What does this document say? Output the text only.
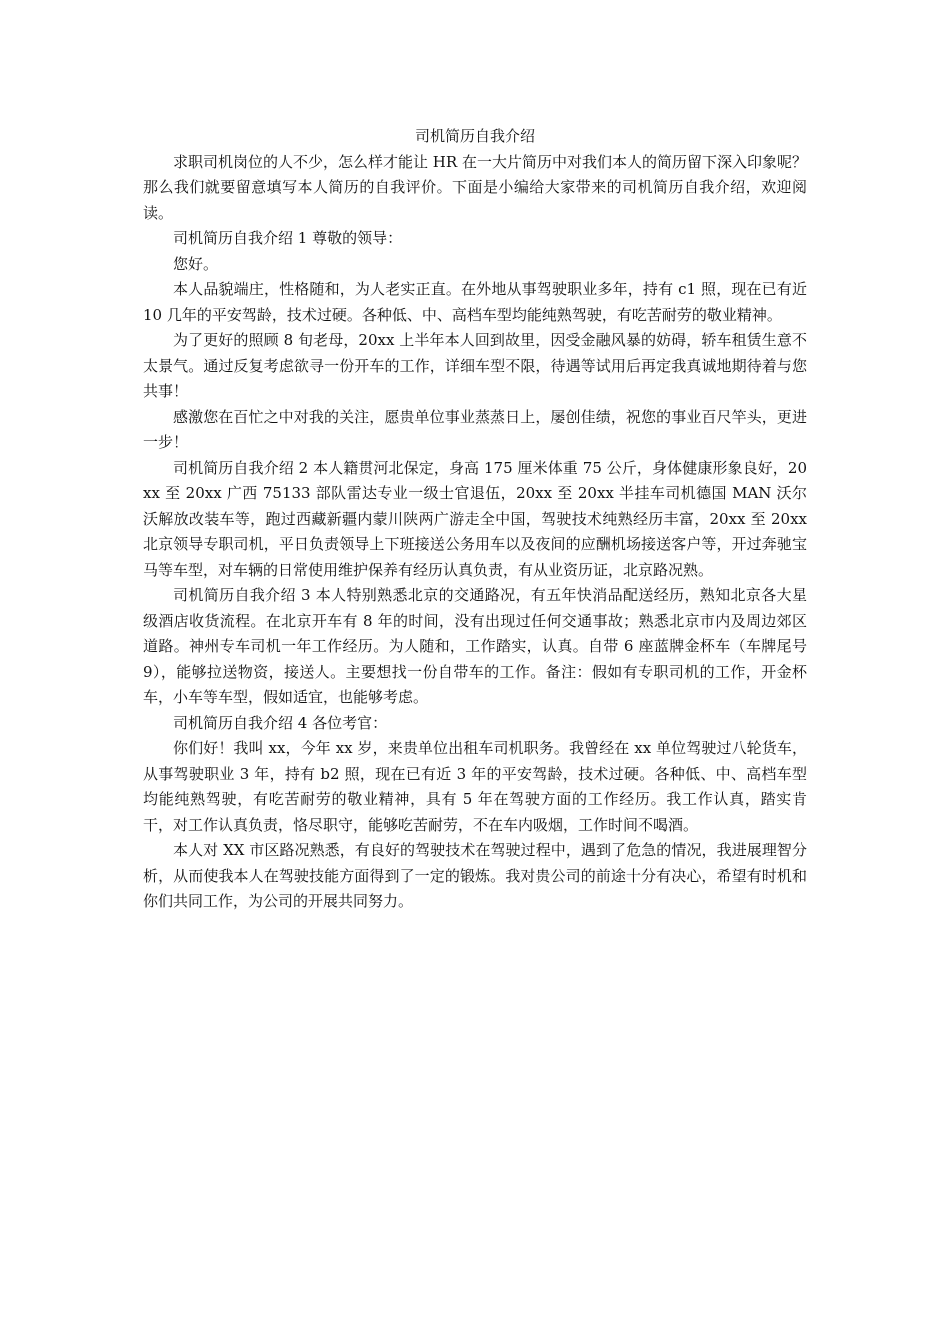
司机简历自我介绍

求职司机岗位的人不少，怎么样才能让 HR 在一大片简历中对我们本人的简历留下深入印象呢？那么我们就要留意填写本人简历的自我评价。下面是小编给大家带来的司机简历自我介绍，欢迎阅读。

司机简历自我介绍 1 尊敬的领导：

您好。

本人品貌端庄，性格随和，为人老实正直。在外地从事驾驶职业多年，持有 c1 照，现在已有近 10 几年的平安驾龄，技术过硬。各种低、中、高档车型均能纯熟驾驶，有吃苦耐劳的敬业精神。

为了更好的照顾 8 旬老母，20xx 上半年本人回到故里，因受金融风暴的妨碍，轿车租赁生意不太景气。通过反复考虑欲寻一份开车的工作，详细车型不限，待遇等试用后再定我真诚地期待着与您共事！

感激您在百忙之中对我的关注，愿贵单位事业蒸蒸日上，屡创佳绩，祝您的事业百尺竿头，更进一步！

司机简历自我介绍 2 本人籍贯河北保定，身高 175 厘米体重 75 公斤，身体健康形象良好，20xx 至 20xx 广西 75133 部队雷达专业一级士官退伍，20xx 至 20xx 半挂车司机德国 MAN 沃尔沃解放改装车等，跑过西藏新疆内蒙川陕两广游走全中国，驾驶技术纯熟经历丰富，20xx 至 20xx 北京领导专职司机，平日负责领导上下班接送公务用车以及夜间的应酬机场接送客户等，开过奔驰宝马等车型，对车辆的日常使用维护保养有经历认真负责，有从业资历证，北京路况熟。

司机简历自我介绍 3 本人特别熟悉北京的交通路况，有五年快消品配送经历，熟知北京各大星级酒店收货流程。在北京开车有 8 年的时间，没有出现过任何交通事故；熟悉北京市内及周边郊区道路。神州专车司机一年工作经历。为人随和，工作踏实，认真。自带 6 座蓝牌金杯车（车牌尾号 9），能够拉送物资，接送人。主要想找一份自带车的工作。备注：假如有专职司机的工作，开金杯车，小车等车型，假如适宜，也能够考虑。

司机简历自我介绍 4 各位考官：

你们好！我叫 xx，今年 xx 岁，来贵单位出租车司机职务。我曾经在 xx 单位驾驶过八轮货车，从事驾驶职业 3 年，持有 b2 照，现在已有近 3 年的平安驾龄，技术过硬。各种低、中、高档车型均能纯熟驾驶，有吃苦耐劳的敬业精神，具有 5 年在驾驶方面的工作经历。我工作认真，踏实肯干，对工作认真负责，恪尽职守，能够吃苦耐劳，不在车内吸烟，工作时间不喝酒。

本人对 XX 市区路况熟悉，有良好的驾驶技术在驾驶过程中，遇到了危急的情况，我进展理智分析，从而使我本人在驾驶技能方面得到了一定的锻炼。我对贵公司的前途十分有决心，希望有时机和你们共同工作，为公司的开展共同努力。
